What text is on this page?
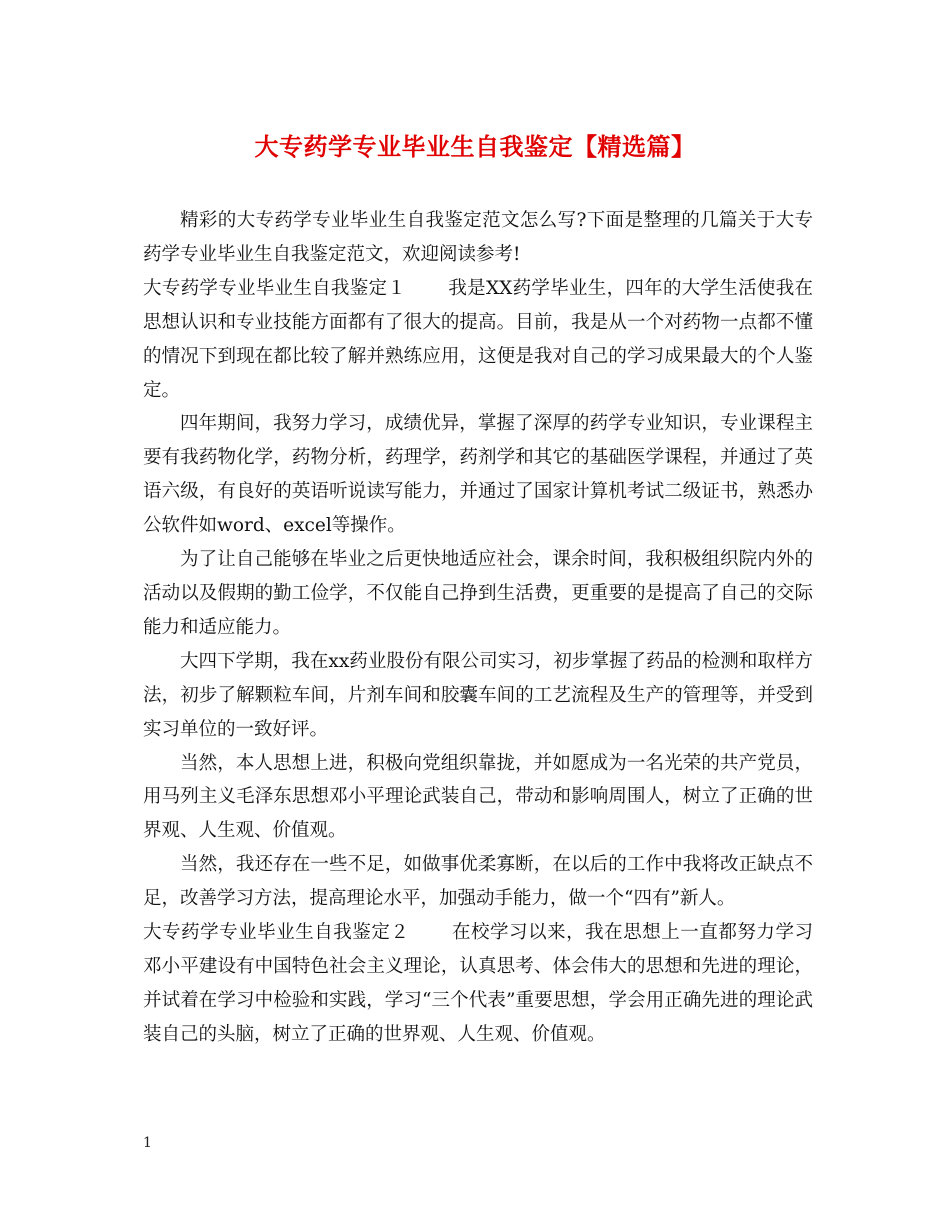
大专药学专业毕业生自我鉴定【精选篇】

精彩的大专药学专业毕业生自我鉴定范文怎么写?下面是整理的几篇关于大专药学专业毕业生自我鉴定范文，欢迎阅读参考!

大专药学专业毕业生自我鉴定１ 我是XX药学毕业生，四年的大学生活使我在思想认识和专业技能方面都有了很大的提高。目前，我是从一个对药物一点都不懂的情况下到现在都比较了解并熟练应用，这便是我对自己的学习成果最大的个人鉴定。

四年期间，我努力学习，成绩优异，掌握了深厚的药学专业知识，专业课程主要有我药物化学，药物分析，药理学，药剂学和其它的基础医学课程，并通过了英语六级，有良好的英语听说读写能力，并通过了国家计算机考试二级证书，熟悉办公软件如word、excel等操作。

为了让自己能够在毕业之后更快地适应社会，课余时间，我积极组织院内外的活动以及假期的勤工俭学，不仅能自己挣到生活费，更重要的是提高了自己的交际能力和适应能力。

大四下学期，我在xx药业股份有限公司实习，初步掌握了药品的检测和取样方法，初步了解颗粒车间，片剂车间和胶囊车间的工艺流程及生产的管理等，并受到实习单位的一致好评。

当然，本人思想上进，积极向党组织靠拢，并如愿成为一名光荣的共产党员，用马列主义毛泽东思想邓小平理论武装自己，带动和影响周围人，树立了正确的世界观、人生观、价值观。

当然，我还存在一些不足，如做事优柔寡断，在以后的工作中我将改正缺点不足，改善学习方法，提高理论水平，加强动手能力，做一个“四有”新人。

大专药学专业毕业生自我鉴定２ 在校学习以来，我在思想上一直都努力学习邓小平建设有中国特色社会主义理论，认真思考、体会伟大的思想和先进的理论，并试着在学习中检验和实践，学习“三个代表”重要思想，学会用正确先进的理论武装自己的头脑，树立了正确的世界观、人生观、价值观。

1
